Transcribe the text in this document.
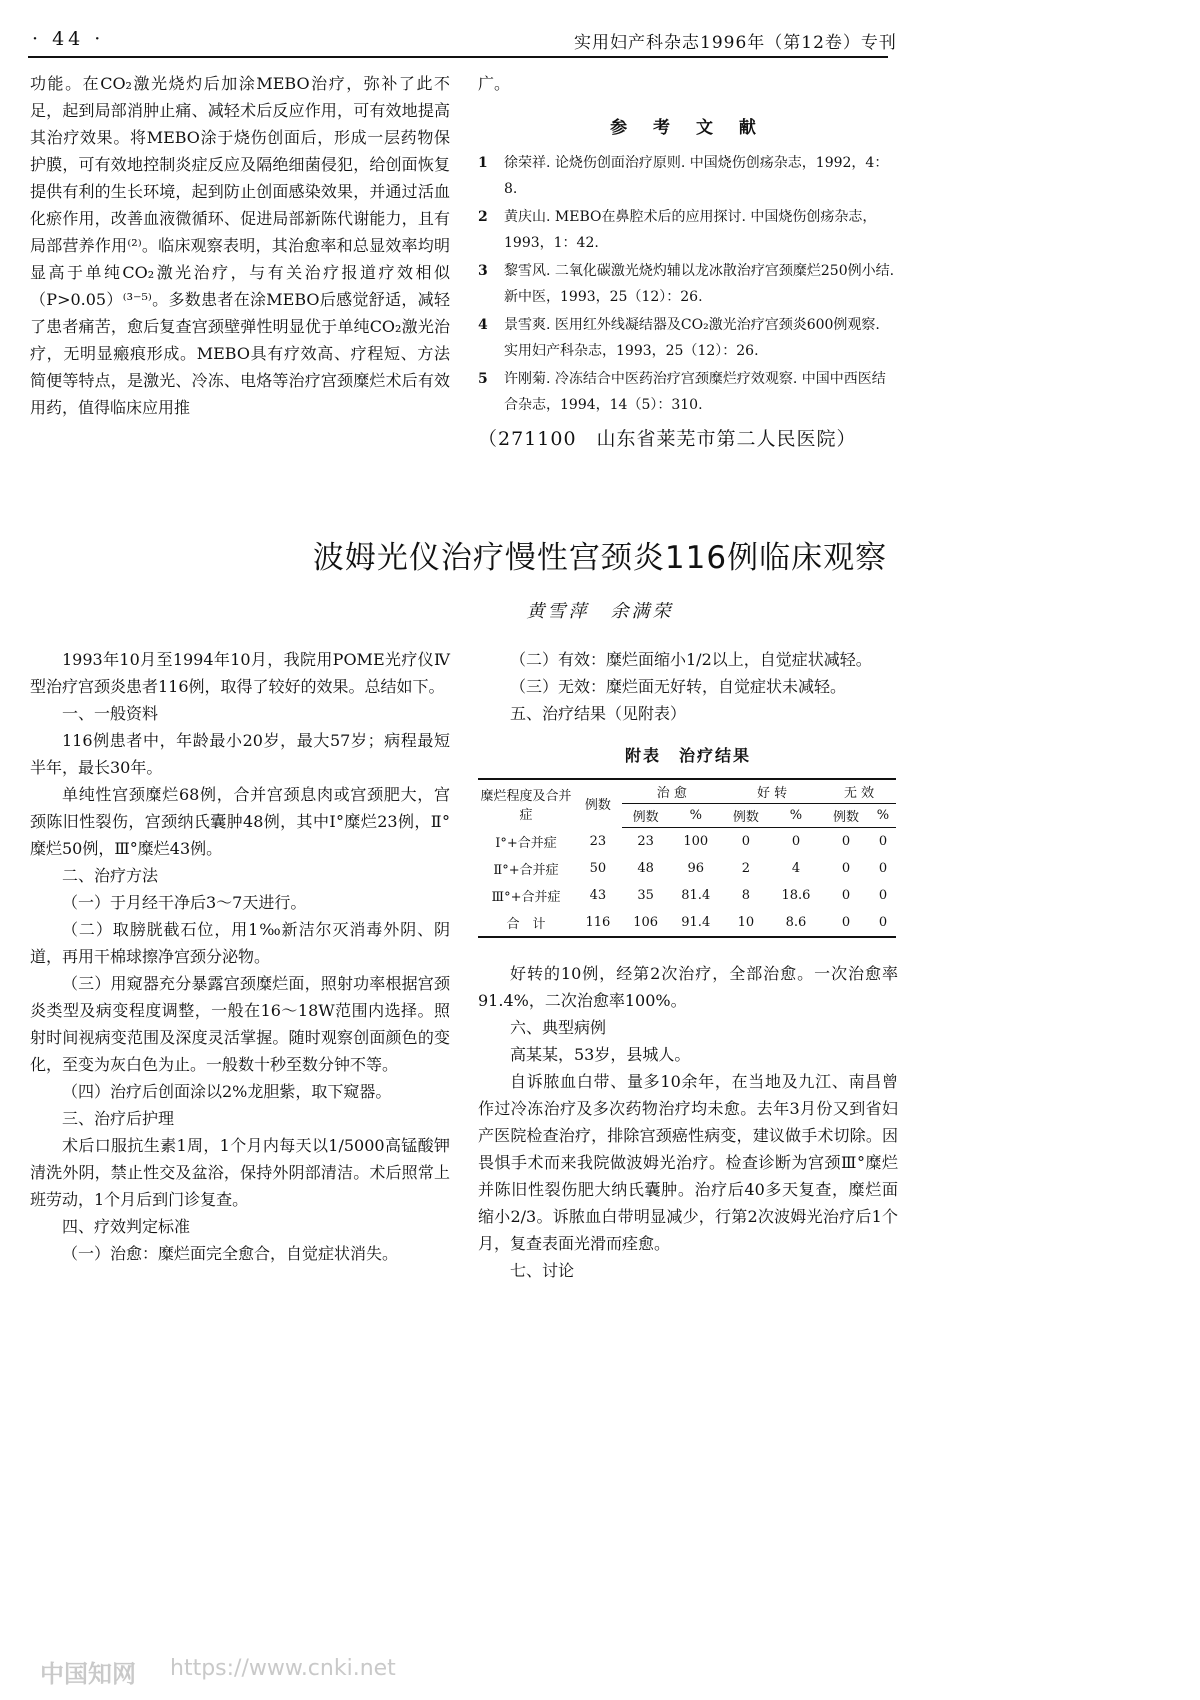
· 44 ·	实用妇产科杂志1996年（第12卷）专刊

功能。在CO₂激光烧灼后加涂MEBO治疗，弥补了此不足，起到局部消肿止痛、减轻术后反应作用，可有效地提高其治疗效果。将MEBO涂于烧伤创面后，形成一层药物保护膜，可有效地控制炎症反应及隔绝细菌侵犯，给创面恢复提供有利的生长环境，起到防止创面感染效果，并通过活血化瘀作用，改善血液微循环、促进局部新陈代谢能力，且有局部营养作用⁽²⁾。临床观察表明，其治愈率和总显效率均明显高于单纯CO₂激光治疗，与有关治疗报道疗效相似（P>0.05）⁽³⁻⁵⁾。多数患者在涂MEBO后感觉舒适，减轻了患者痛苦，愈后复查宫颈壁弹性明显优于单纯CO₂激光治疗，无明显瘢痕形成。MEBO具有疗效高、疗程短、方法简便等特点，是激光、冷冻、电烙等治疗宫颈糜烂术后有效用药，值得临床应用推

广。
参 考 文 献
1	徐荣祥. 论烧伤创面治疗原则. 中国烧伤创疡杂志，1992，4：8.
2	黄庆山. MEBO在鼻腔术后的应用探讨. 中国烧伤创疡杂志，1993，1：42.
3	黎雪风. 二氧化碳激光烧灼辅以龙冰散治疗宫颈糜烂250例小结. 新中医，1993，25（12）：26.
4	景雪爽. 医用红外线凝结器及CO₂激光治疗宫颈炎600例观察. 实用妇产科杂志，1993，25（12）：26.
5	许刚菊. 冷冻结合中医药治疗宫颈糜烂疗效观察. 中国中西医结合杂志，1994，14（5）：310.
（271100　山东省莱芜市第二人民医院）
波姆光仪治疗慢性宫颈炎116例临床观察
黄雪萍　余满荣

1993年10月至1994年10月，我院用POME光疗仪Ⅳ型治疗宫颈炎患者116例，取得了较好的效果。总结如下。

一、一般资料

116例患者中，年龄最小20岁，最大57岁；病程最短半年，最长30年。

单纯性宫颈糜烂68例，合并宫颈息肉或宫颈肥大，宫颈陈旧性裂伤，宫颈纳氏囊肿48例，其中Ⅰ°糜烂23例，Ⅱ°糜烂50例，Ⅲ°糜烂43例。

二、治疗方法

（一）于月经干净后3～7天进行。

（二）取膀胱截石位，用1‰新洁尔灭消毒外阴、阴道，再用干棉球擦净宫颈分泌物。

（三）用窥器充分暴露宫颈糜烂面，照射功率根据宫颈炎类型及病变程度调整，一般在16～18W范围内选择。照射时间视病变范围及深度灵活掌握。随时观察创面颜色的变化，至变为灰白色为止。一般数十秒至数分钟不等。

（四）治疗后创面涂以2%龙胆紫，取下窥器。

三、治疗后护理

术后口服抗生素1周，1个月内每天以1/5000高锰酸钾清洗外阴，禁止性交及盆浴，保持外阴部清洁。术后照常上班劳动，1个月后到门诊复查。

四、疗效判定标准

（一）治愈：糜烂面完全愈合，自觉症状消失。

（二）有效：糜烂面缩小1/2以上，自觉症状减轻。

（三）无效：糜烂面无好转，自觉症状未减轻。

五、治疗结果（见附表）

附表　治疗结果
糜烂程度及合并症	例数	治 愈		好 转		无 效	
		例数	%	例数	%	例数	%
Ⅰ°+合并症	23	23	100	0	0	0	0
Ⅱ°+合并症	50	48	96	2	4	0	0
Ⅲ°+合并症	43	35	81.4	8	18.6	0	0
合　计	116	106	91.4	10	8.6	0	0

好转的10例，经第2次治疗，全部治愈。一次治愈率91.4%，二次治愈率100%。

六、典型病例

高某某，53岁，县城人。

自诉脓血白带、量多10余年，在当地及九江、南昌曾作过冷冻治疗及多次药物治疗均未愈。去年3月份又到省妇产医院检查治疗，排除宫颈癌性病变，建议做手术切除。因畏惧手术而来我院做波姆光治疗。检查诊断为宫颈Ⅲ°糜烂并陈旧性裂伤肥大纳氏囊肿。治疗后40多天复查，糜烂面缩小2/3。诉脓血白带明显减少，行第2次波姆光治疗后1个月，复查表面光滑而痊愈。

七、讨论

中国知网 https://www.cnki.net
